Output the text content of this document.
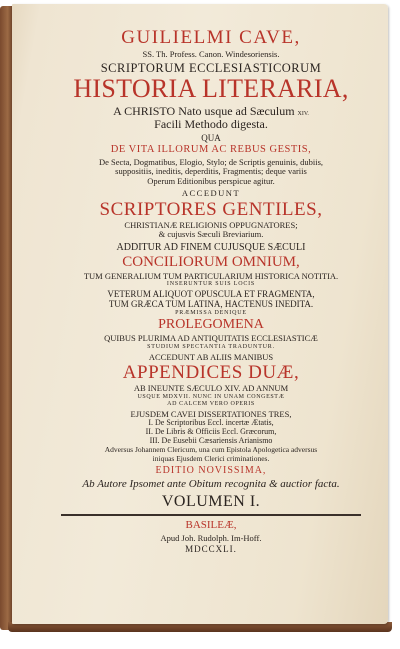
GUILIELMI CAVE,
SS. Th. Profess. Canon. Windesoriensis.
SCRIPTORUM ECCLESIASTICORUM
HISTORIA LITERARIA,
A CHRISTO Nato usque ad Sæculum XIV.
Facili Methodo digesta.
QUA
DE VITA ILLORUM AC REBUS GESTIS,
De Secta, Dogmatibus, Elogio, Stylo; de Scriptis genuinis, dubiis,
suppositiis, ineditis, deperditis, Fragmentis; deque variis
Operum Editionibus perspicue agitur.
ACCEDUNT
SCRIPTORES GENTILES,
CHRISTIANÆ RELIGIONIS OPPUGNATORES;
& cujusvis Sæculi Breviarium.
ADDITUR AD FINEM CUJUSQUE SÆCULI
CONCILIORUM OMNIUM,
TUM GENERALIUM TUM PARTICULARIUM HISTORICA NOTITIA.
INSERUNTUR SUIS LOCIS
VETERUM ALIQUOT OPUSCULA ET FRAGMENTA,
TUM GRÆCA TUM LATINA, HACTENUS INEDITA.
PRÆMISSA DENIQUE
PROLEGOMENA
QUIBUS PLURIMA AD ANTIQUITATIS ECCLESIASTICÆ
STUDIUM SPECTANTIA TRADUNTUR.
ACCEDUNT AB ALIIS MANIBUS
APPENDICES DUÆ,
AB INEUNTE SÆCULO XIV. AD ANNUM
USQUE MDXVII. NUNC IN UNAM CONGESTÆ
AD CALCEM VERO OPERIS
EJUSDEM CAVEI DISSERTATIONES TRES,
I. De Scriptoribus Eccl. incertæ Ætatis,
II. De Libris & Officiis Eccl. Græcorum,
III. De Eusebii Cæsariensis Arianismo
Adversus Johannem Clericum, una cum Epistola Apologetica adversus
iniquas Ejusdem Clerici criminationes.
EDITIO NOVISSIMA,
Ab Autore Ipsomet ante Obitum recognita & auctior facta.
VOLUMEN I.
BASILEÆ,
Apud Joh. Rudolph. Im-Hoff.
MDCCXLI.
